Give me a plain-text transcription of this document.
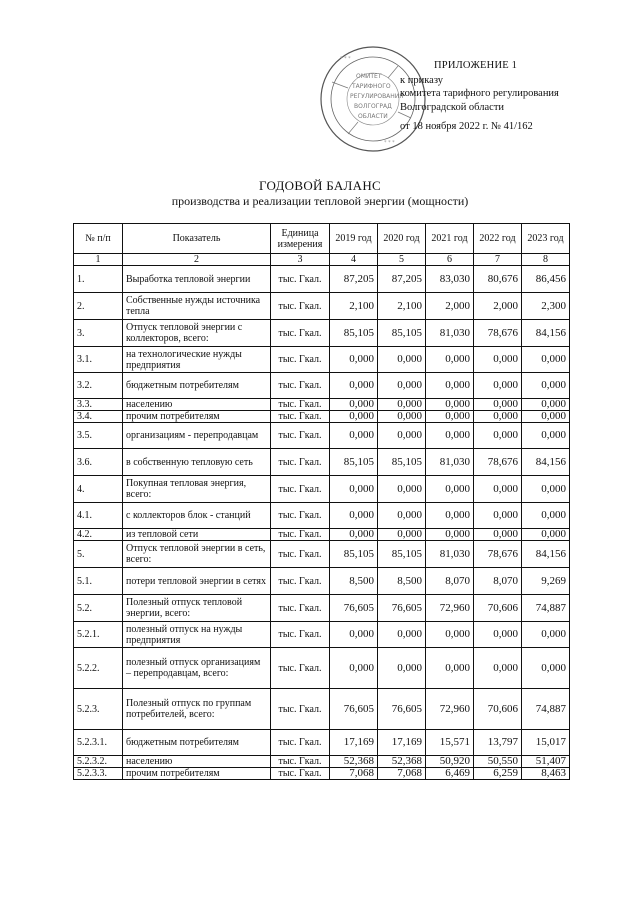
ОМИТЕТ
ТАРИФНОГО
РЕГУЛИРОВАНИЯ
ВОЛГОГРАД
ОБЛАСТИ
* * *
* * *
ПРИЛОЖЕНИЕ 1
к приказу
комитета тарифного регулирования
Волгоградской области
от 18 ноября 2022 г. № 41/162
ГОДОВОЙ БАЛАНС
производства и реализации тепловой энергии (мощности)
№ п/п	Показатель	Единица измерения	2019 год	2020 год	2021 год	2022 год	2023 год
1	2	3	4	5	6	7	8
1.	Выработка тепловой энергии	тыс. Гкал.	87,205	87,205	83,030	80,676	86,456
2.	Собственные нужды источника тепла	тыс. Гкал.	2,100	2,100	2,000	2,000	2,300
3.	Отпуск тепловой энергии с коллекторов, всего:	тыс. Гкал.	85,105	85,105	81,030	78,676	84,156
3.1.	на технологические нужды предприятия	тыс. Гкал.	0,000	0,000	0,000	0,000	0,000
3.2.	бюджетным потребителям	тыс. Гкал.	0,000	0,000	0,000	0,000	0,000
3.3.	населению	тыс. Гкал.	0,000	0,000	0,000	0,000	0,000
3.4.	прочим потребителям	тыс. Гкал.	0,000	0,000	0,000	0,000	0,000
3.5.	организациям - перепродавцам	тыс. Гкал.	0,000	0,000	0,000	0,000	0,000
3.6.	в собственную тепловую сеть	тыс. Гкал.	85,105	85,105	81,030	78,676	84,156
4.	Покупная тепловая энергия, всего:	тыс. Гкал.	0,000	0,000	0,000	0,000	0,000
4.1.	с коллекторов блок - станций	тыс. Гкал.	0,000	0,000	0,000	0,000	0,000
4.2.	из тепловой сети	тыс. Гкал.	0,000	0,000	0,000	0,000	0,000
5.	Отпуск тепловой энергии в сеть, всего:	тыс. Гкал.	85,105	85,105	81,030	78,676	84,156
5.1.	потери тепловой энергии в сетях	тыс. Гкал.	8,500	8,500	8,070	8,070	9,269
5.2.	Полезный отпуск тепловой энергии, всего:	тыс. Гкал.	76,605	76,605	72,960	70,606	74,887
5.2.1.	полезный отпуск на нужды предприятия	тыс. Гкал.	0,000	0,000	0,000	0,000	0,000
5.2.2.	полезный отпуск организациям – перепродавцам, всего:	тыс. Гкал.	0,000	0,000	0,000	0,000	0,000
5.2.3.	Полезный отпуск по группам потребителей, всего:	тыс. Гкал.	76,605	76,605	72,960	70,606	74,887
5.2.3.1.	бюджетным потребителям	тыс. Гкал.	17,169	17,169	15,571	13,797	15,017
5.2.3.2.	населению	тыс. Гкал.	52,368	52,368	50,920	50,550	51,407
5.2.3.3.	прочим потребителям	тыс. Гкал.	7,068	7,068	6,469	6,259	8,463
